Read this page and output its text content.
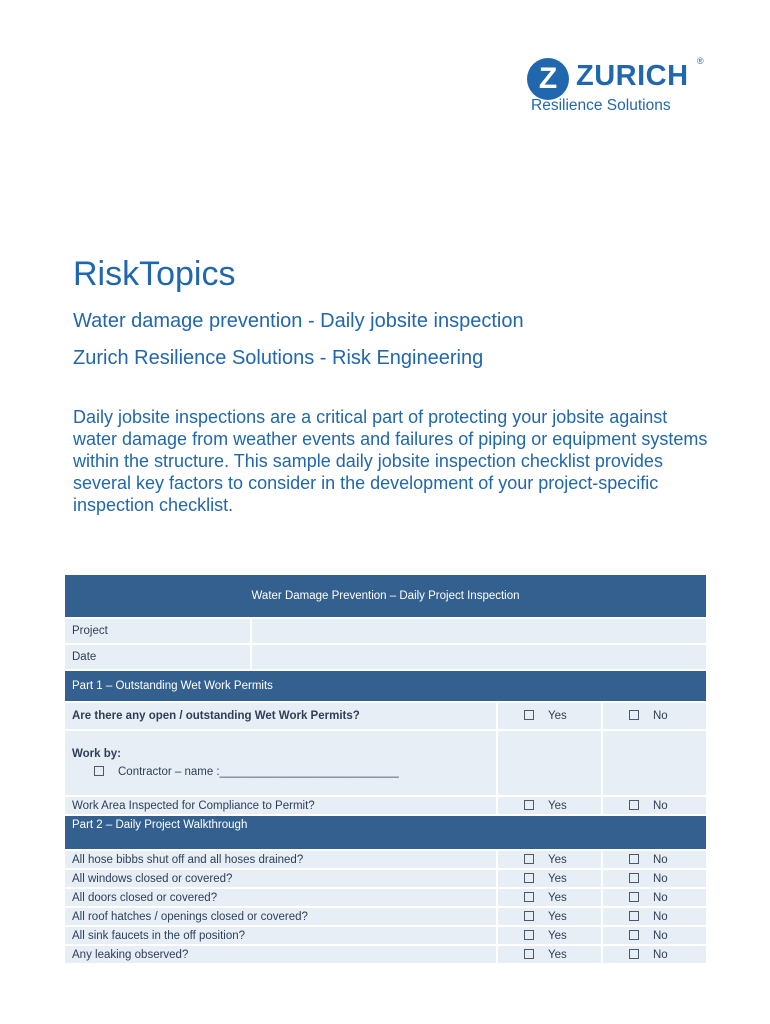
Z ZURICH ®
Resilience Solutions
RiskTopics

Water damage prevention - Daily jobsite inspection

Zurich Resilience Solutions - Risk Engineering

Daily jobsite inspections are a critical part of protecting your jobsite against water damage from weather events and failures of piping or equipment systems within the structure. This sample daily jobsite inspection checklist provides several key factors to consider in the development of your project-specific inspection checklist.

Water Damage Prevention – Daily Project Inspection			
Project			
Date			
Part 1 – Outstanding Wet Work Permits			
Are there any open / outstanding Wet Work Permits?		Yes	No
Work by:
Contractor – name :____________________________			

Work Area Inspected for Compliance to Permit?		Yes	No
Part 2 – Daily Project Walkthrough			
All hose bibbs shut off and all hoses drained?		Yes	No
All windows closed or covered?		Yes	No
All doors closed or covered?		Yes	No
All roof hatches / openings closed or covered?		Yes	No
All sink faucets in the off position?		Yes	No
Any leaking observed?		Yes	No
